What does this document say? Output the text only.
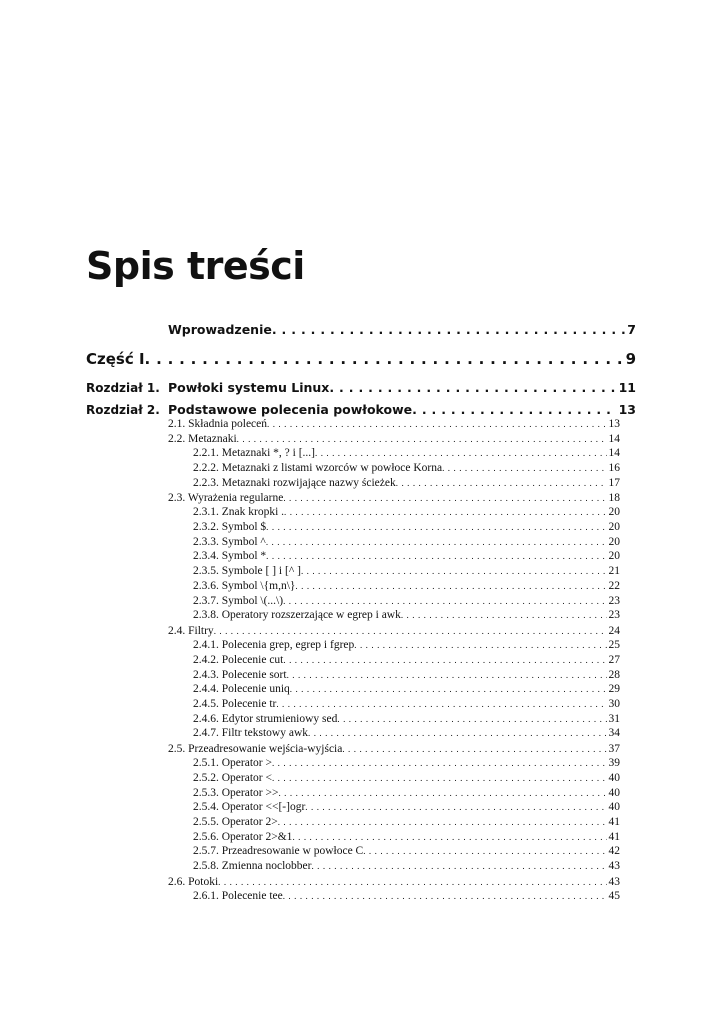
Spis treści
Wprowadzenie . . .	7
Część I . . .	9
Rozdział 1. Powłoki systemu Linux . . .	11
Rozdział 2. Podstawowe polecenia powłokowe . . .	13
2.1. Składnia poleceń . . .	13
2.2. Metaznaki . . .	14
2.2.1. Metaznaki *, ? i [...] . . .	14
2.2.2. Metaznaki z listami wzorców w powłoce Korna . . .	16
2.2.3. Metaznaki rozwijające nazwy ścieżek . . .	17
2.3. Wyrażenia regularne . . .	18
2.3.1. Znak kropki . . . .	20
2.3.2. Symbol $ . . .	20
2.3.3. Symbol ^ . . .	20
2.3.4. Symbol * . . .	20
2.3.5. Symbole [ ] i [^ ] . . .	21
2.3.6. Symbol \{m,n\} . . .	22
2.3.7. Symbol \(...\) . . .	23
2.3.8. Operatory rozszerzające w egrep i awk . . .	23
2.4. Filtry . . .	24
2.4.1. Polecenia grep, egrep i fgrep . . .	25
2.4.2. Polecenie cut . . .	27
2.4.3. Polecenie sort . . .	28
2.4.4. Polecenie uniq . . .	29
2.4.5. Polecenie tr . . .	30
2.4.6. Edytor strumieniowy sed . . .	31
2.4.7. Filtr tekstowy awk . . .	34
2.5. Przeadresowanie wejścia-wyjścia . . .	37
2.5.1. Operator > . . .	39
2.5.2. Operator < . . .	40
2.5.3. Operator >> . . .	40
2.5.4. Operator <<[-]ogr . . .	40
2.5.5. Operator 2> . . .	41
2.5.6. Operator 2>&1 . . .	41
2.5.7. Przeadresowanie w powłoce C . . .	42
2.5.8. Zmienna noclobber . . .	43
2.6. Potoki . . .	43
2.6.1. Polecenie tee . . .	45
